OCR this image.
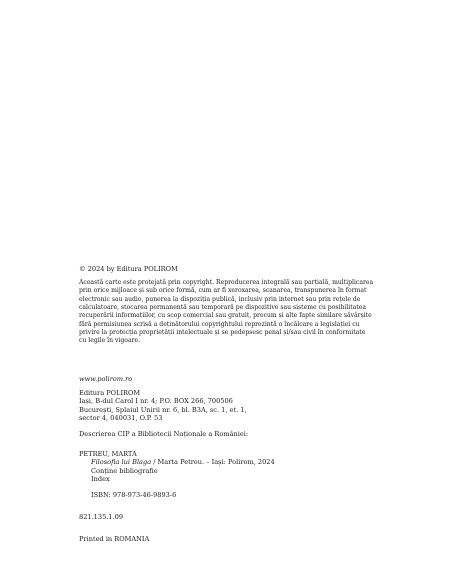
© 2024 by Editura POLIROM
Această carte este protejată prin copyright. Reproducerea integrală sau parțială, multiplicarea
prin orice mijloace și sub orice formă, cum ar fi xeroxarea, scanarea, transpunerea în format
electronic sau audio, punerea la dispoziția publică, inclusiv prin internet sau prin rețele de
calculatoare, stocarea permanentă sau temporară pe dispozitive sau sisteme cu posibilitatea
recuperării informațiilor, cu scop comercial sau gratuit, precum și alte fapte similare săvârșite
fără permisiunea scrisă a deținătorului copyrightului reprezintă o încălcare a legislației cu
privire la protecția proprietății intelectuale și se pedepsesc penal și/sau civil în conformitate
cu legile în vigoare.
www.polirom.ro
Editura POLIROM
Iași, B-dul Carol I nr. 4; P.O. BOX 266, 700506
București, Splaiul Unirii nr. 6, bl. B3A, sc. 1, et. 1,
sector 4, 040031, O.P. 53
Descrierea CIP a Bibliotecii Naționale a României:
PETREU, MARTA
Filosofia lui Blaga / Marta Petreu. – Iași: Polirom, 2024
Conține bibliografie
Index
ISBN: 978-973-46-9893-6
821.135.1.09
Printed in ROMANIA
